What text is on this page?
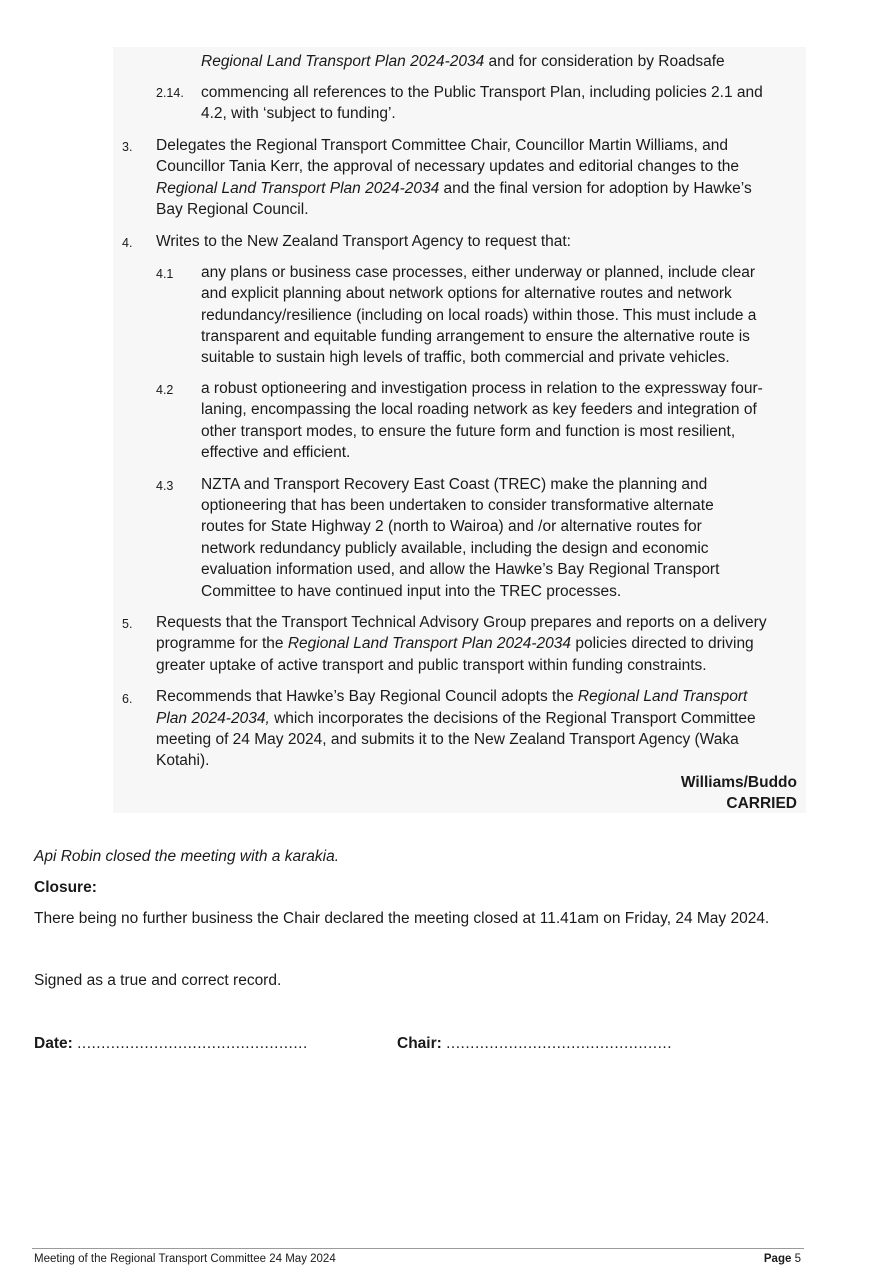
Regional Land Transport Plan 2024-2034 and for consideration by Roadsafe
2.14. commencing all references to the Public Transport Plan, including policies 2.1 and
4.2, with ‘subject to funding’.
3. Delegates the Regional Transport Committee Chair, Councillor Martin Williams, and
Councillor Tania Kerr, the approval of necessary updates and editorial changes to the
Regional Land Transport Plan 2024-2034 and the final version for adoption by Hawke’s
Bay Regional Council.
4. Writes to the New Zealand Transport Agency to request that:
4.1 any plans or business case processes, either underway or planned, include clear
and explicit planning about network options for alternative routes and network
redundancy/resilience (including on local roads) within those. This must include a
transparent and equitable funding arrangement to ensure the alternative route is
suitable to sustain high levels of traffic, both commercial and private vehicles.
4.2 a robust optioneering and investigation process in relation to the expressway four-
laning, encompassing the local roading network as key feeders and integration of
other transport modes, to ensure the future form and function is most resilient,
effective and efficient.
4.3 NZTA and Transport Recovery East Coast (TREC) make the planning and
optioneering that has been undertaken to consider transformative alternate
routes for State Highway 2 (north to Wairoa) and /or alternative routes for
network redundancy publicly available, including the design and economic
evaluation information used, and allow the Hawke’s Bay Regional Transport
Committee to have continued input into the TREC processes.
5. Requests that the Transport Technical Advisory Group prepares and reports on a delivery
programme for the Regional Land Transport Plan 2024-2034 policies directed to driving
greater uptake of active transport and public transport within funding constraints.
6. Recommends that Hawke’s Bay Regional Council adopts the Regional Land Transport
Plan 2024-2034, which incorporates the decisions of the Regional Transport Committee
meeting of 24 May 2024, and submits it to the New Zealand Transport Agency (Waka
Kotahi).
Williams/Buddo
CARRIED
Api Robin closed the meeting with a karakia.
Closure:
There being no further business the Chair declared the meeting closed at 11.41am on Friday, 24 May 2024.
Signed as a true and correct record.
Date: ................................................	Chair: ...............................................
Meeting of the Regional Transport Committee 24 May 2024	Page 5
